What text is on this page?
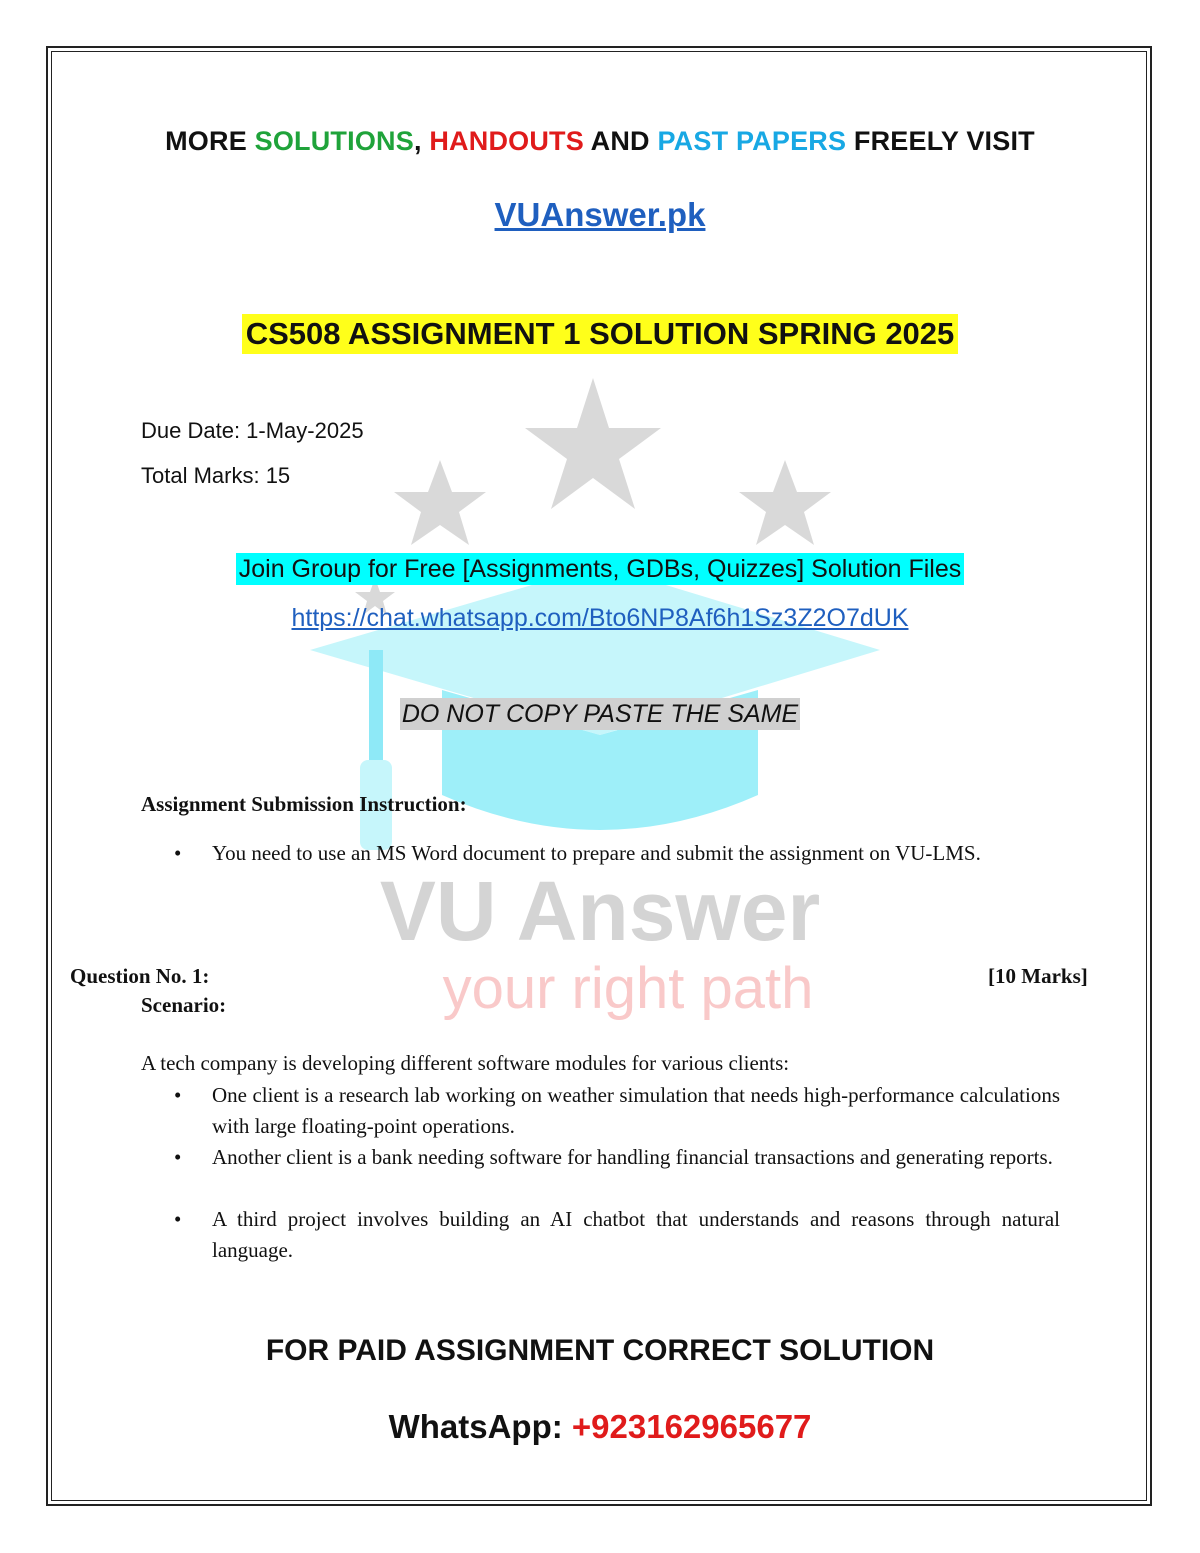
VU Answer
your right path
MORE SOLUTIONS, HANDOUTS AND PAST PAPERS FREELY VISIT
VUAnswer.pk
CS508 ASSIGNMENT 1 SOLUTION SPRING 2025
Due Date: 1-May-2025
Total Marks: 15
Join Group for Free [Assignments, GDBs, Quizzes] Solution Files
https://chat.whatsapp.com/Bto6NP8Af6h1Sz3Z2O7dUK
DO NOT COPY PASTE THE SAME
Assignment Submission Instruction:
• You need to use an MS Word document to prepare and submit the assignment on VU-LMS.
Question No. 1:	[10 Marks]
Scenario:
A tech company is developing different software modules for various clients:
• One client is a research lab working on weather simulation that needs high-performance calculations with large floating-point operations.
• Another client is a bank needing software for handling financial transactions and generating reports.
• A third project involves building an AI chatbot that understands and reasons through natural language.
FOR PAID ASSIGNMENT CORRECT SOLUTION
WhatsApp: +923162965677
